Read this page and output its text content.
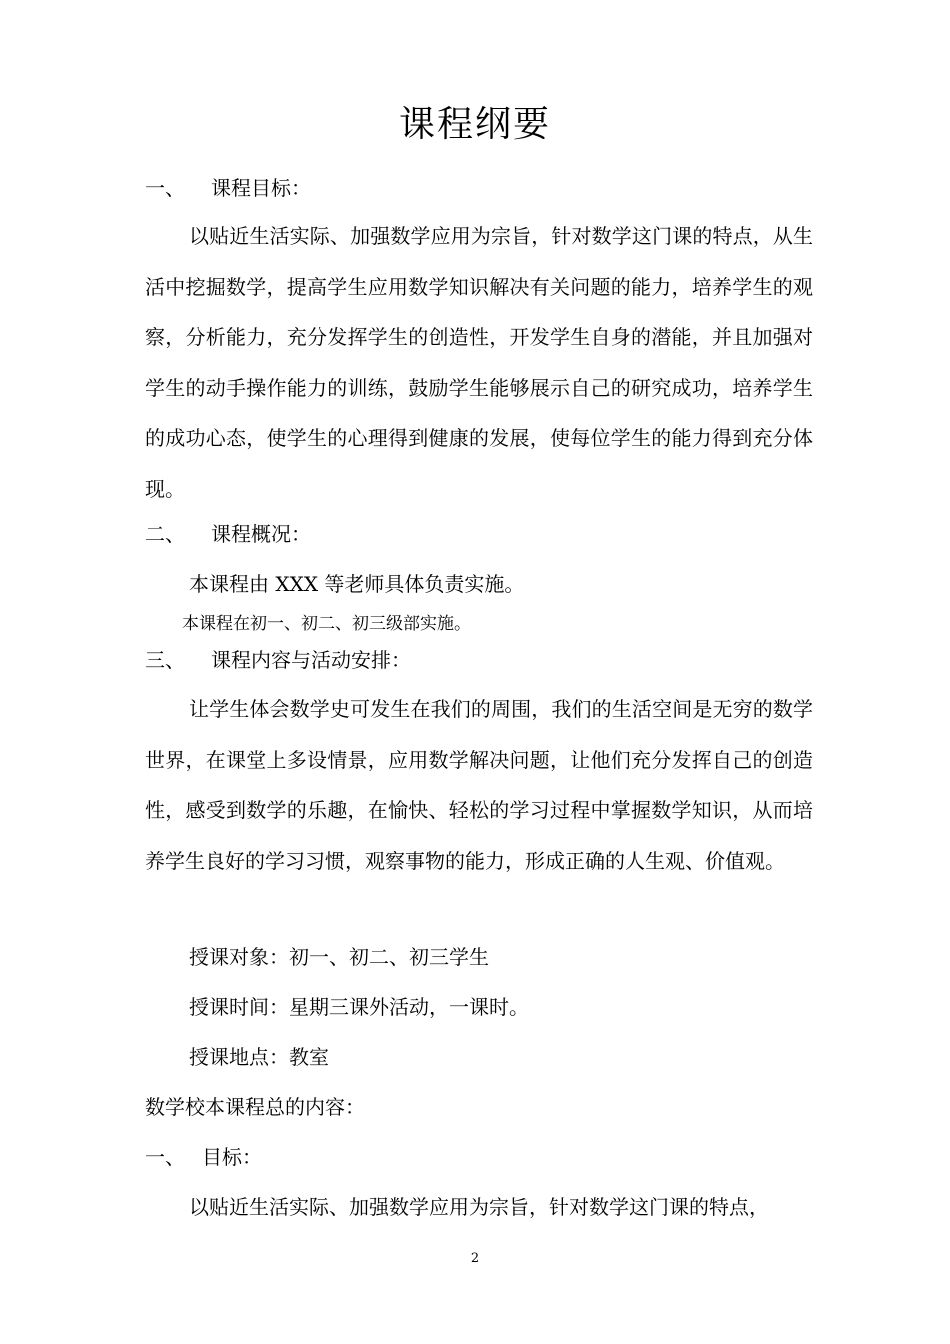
课程纲要
一、 课程目标：
以贴近生活实际、加强数学应用为宗旨，针对数学这门课的特点，从生活中挖掘数学，提高学生应用数学知识解决有关问题的能力，培养学生的观察，分析能力，充分发挥学生的创造性，开发学生自身的潜能，并且加强对学生的动手操作能力的训练，鼓励学生能够展示自己的研究成功，培养学生的成功心态，使学生的心理得到健康的发展，使每位学生的能力得到充分体现。
二、 课程概况：
本课程由 XXX 等老师具体负责实施。
本课程在初一、初二、初三级部实施。
三、 课程内容与活动安排：
让学生体会数学史可发生在我们的周围，我们的生活空间是无穷的数学世界，在课堂上多设情景，应用数学解决问题，让他们充分发挥自己的创造性，感受到数学的乐趣，在愉快、轻松的学习过程中掌握数学知识，从而培养学生良好的学习习惯，观察事物的能力，形成正确的人生观、价值观。
授课对象：初一、初二、初三学生
授课时间：星期三课外活动，一课时。
授课地点：教室
数学校本课程总的内容：
一、 目标：
以贴近生活实际、加强数学应用为宗旨，针对数学这门课的特点，
2
